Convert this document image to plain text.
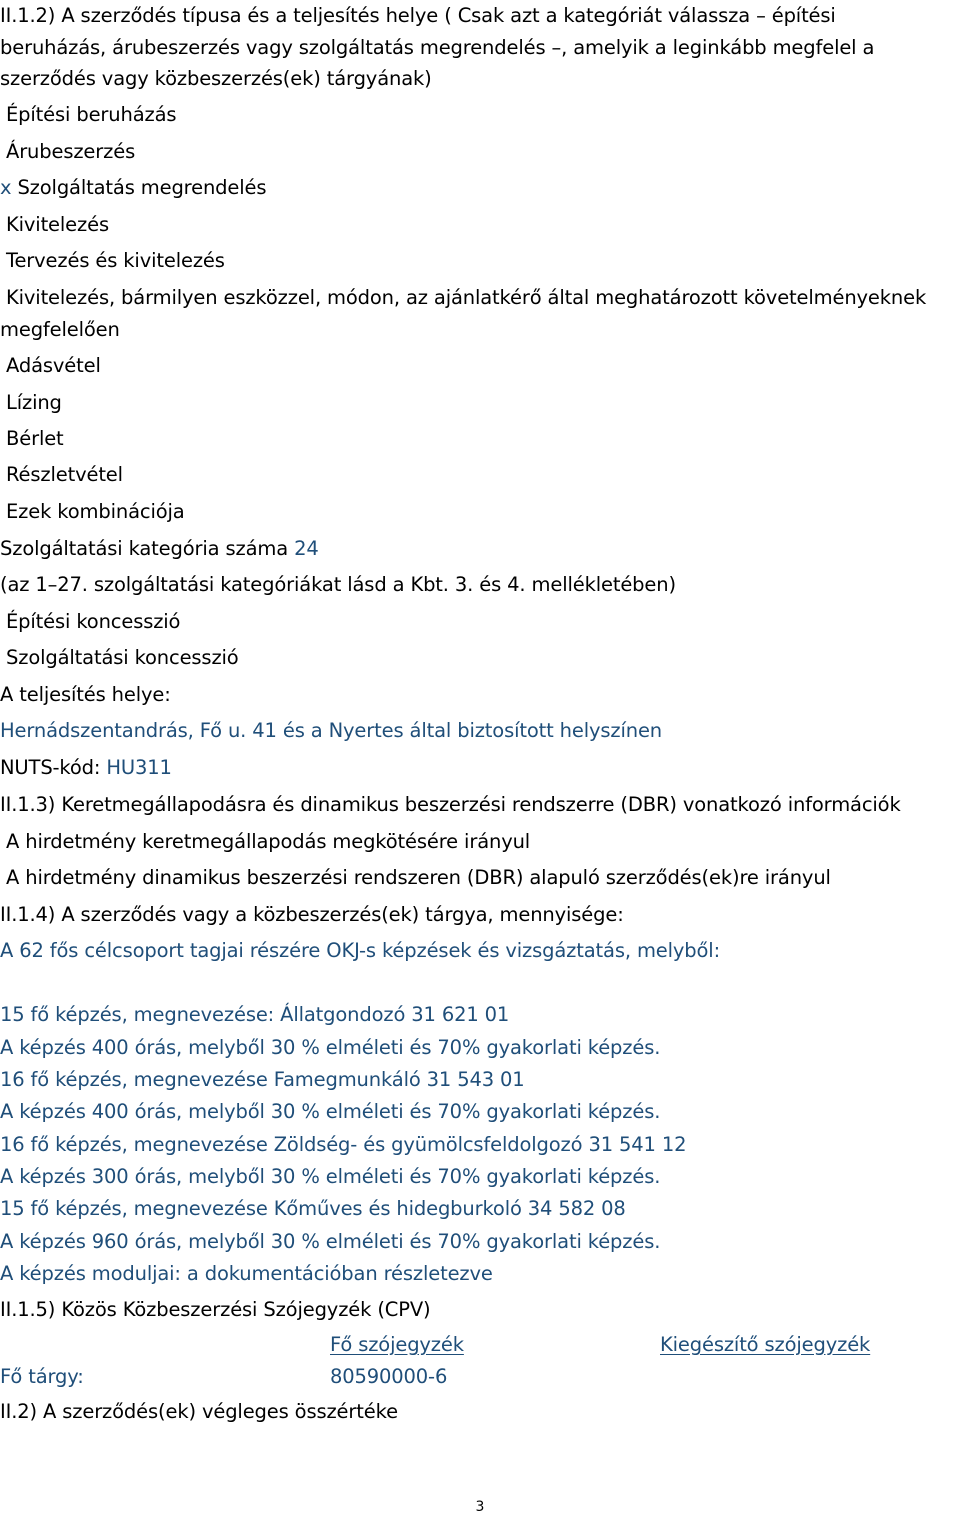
II.1.2) A szerződés típusa és a teljesítés helye ( Csak azt a kategóriát válassza – építési
beruházás, árubeszerzés vagy szolgáltatás megrendelés –, amelyik a leginkább megfelel a
szerződés vagy közbeszerzés(ek) tárgyának)
Építési beruházás
Árubeszerzés
x Szolgáltatás megrendelés
Kivitelezés
Tervezés és kivitelezés
Kivitelezés, bármilyen eszközzel, módon, az ajánlatkérő által meghatározott követelményeknek
megfelelően
Adásvétel
Lízing
Bérlet
Részletvétel
Ezek kombinációja
Szolgáltatási kategória száma 24
(az 1–27. szolgáltatási kategóriákat lásd a Kbt. 3. és 4. mellékletében)
Építési koncesszió
Szolgáltatási koncesszió
A teljesítés helye:
Hernádszentandrás, Fő u. 41 és a Nyertes által biztosított helyszínen
NUTS-kód: HU311
II.1.3) Keretmegállapodásra és dinamikus beszerzési rendszerre (DBR) vonatkozó információk
A hirdetmény keretmegállapodás megkötésére irányul
A hirdetmény dinamikus beszerzési rendszeren (DBR) alapuló szerződés(ek)re irányul
II.1.4) A szerződés vagy a közbeszerzés(ek) tárgya, mennyisége:
A 62 fős célcsoport tagjai részére OKJ-s képzések és vizsgáztatás, melyből:
15 fő képzés, megnevezése: Állatgondozó 31 621 01
A képzés 400 órás, melyből 30 % elméleti és 70% gyakorlati képzés.
16 fő képzés, megnevezése Famegmunkáló 31 543 01
A képzés 400 órás, melyből 30 % elméleti és 70% gyakorlati képzés.
16 fő képzés, megnevezése Zöldség- és gyümölcsfeldolgozó 31 541 12
A képzés 300 órás, melyből 30 % elméleti és 70% gyakorlati képzés.
15 fő képzés, megnevezése Kőműves és hidegburkoló 34 582 08
A képzés 960 órás, melyből 30 % elméleti és 70% gyakorlati képzés.
A képzés moduljai: a dokumentációban részletezve
II.1.5) Közös Közbeszerzési Szójegyzék (CPV)
Fő szójegyzék	Kiegészítő szójegyzék
Fő tárgy:	80590000-6
II.2) A szerződés(ek) végleges összértéke
3
